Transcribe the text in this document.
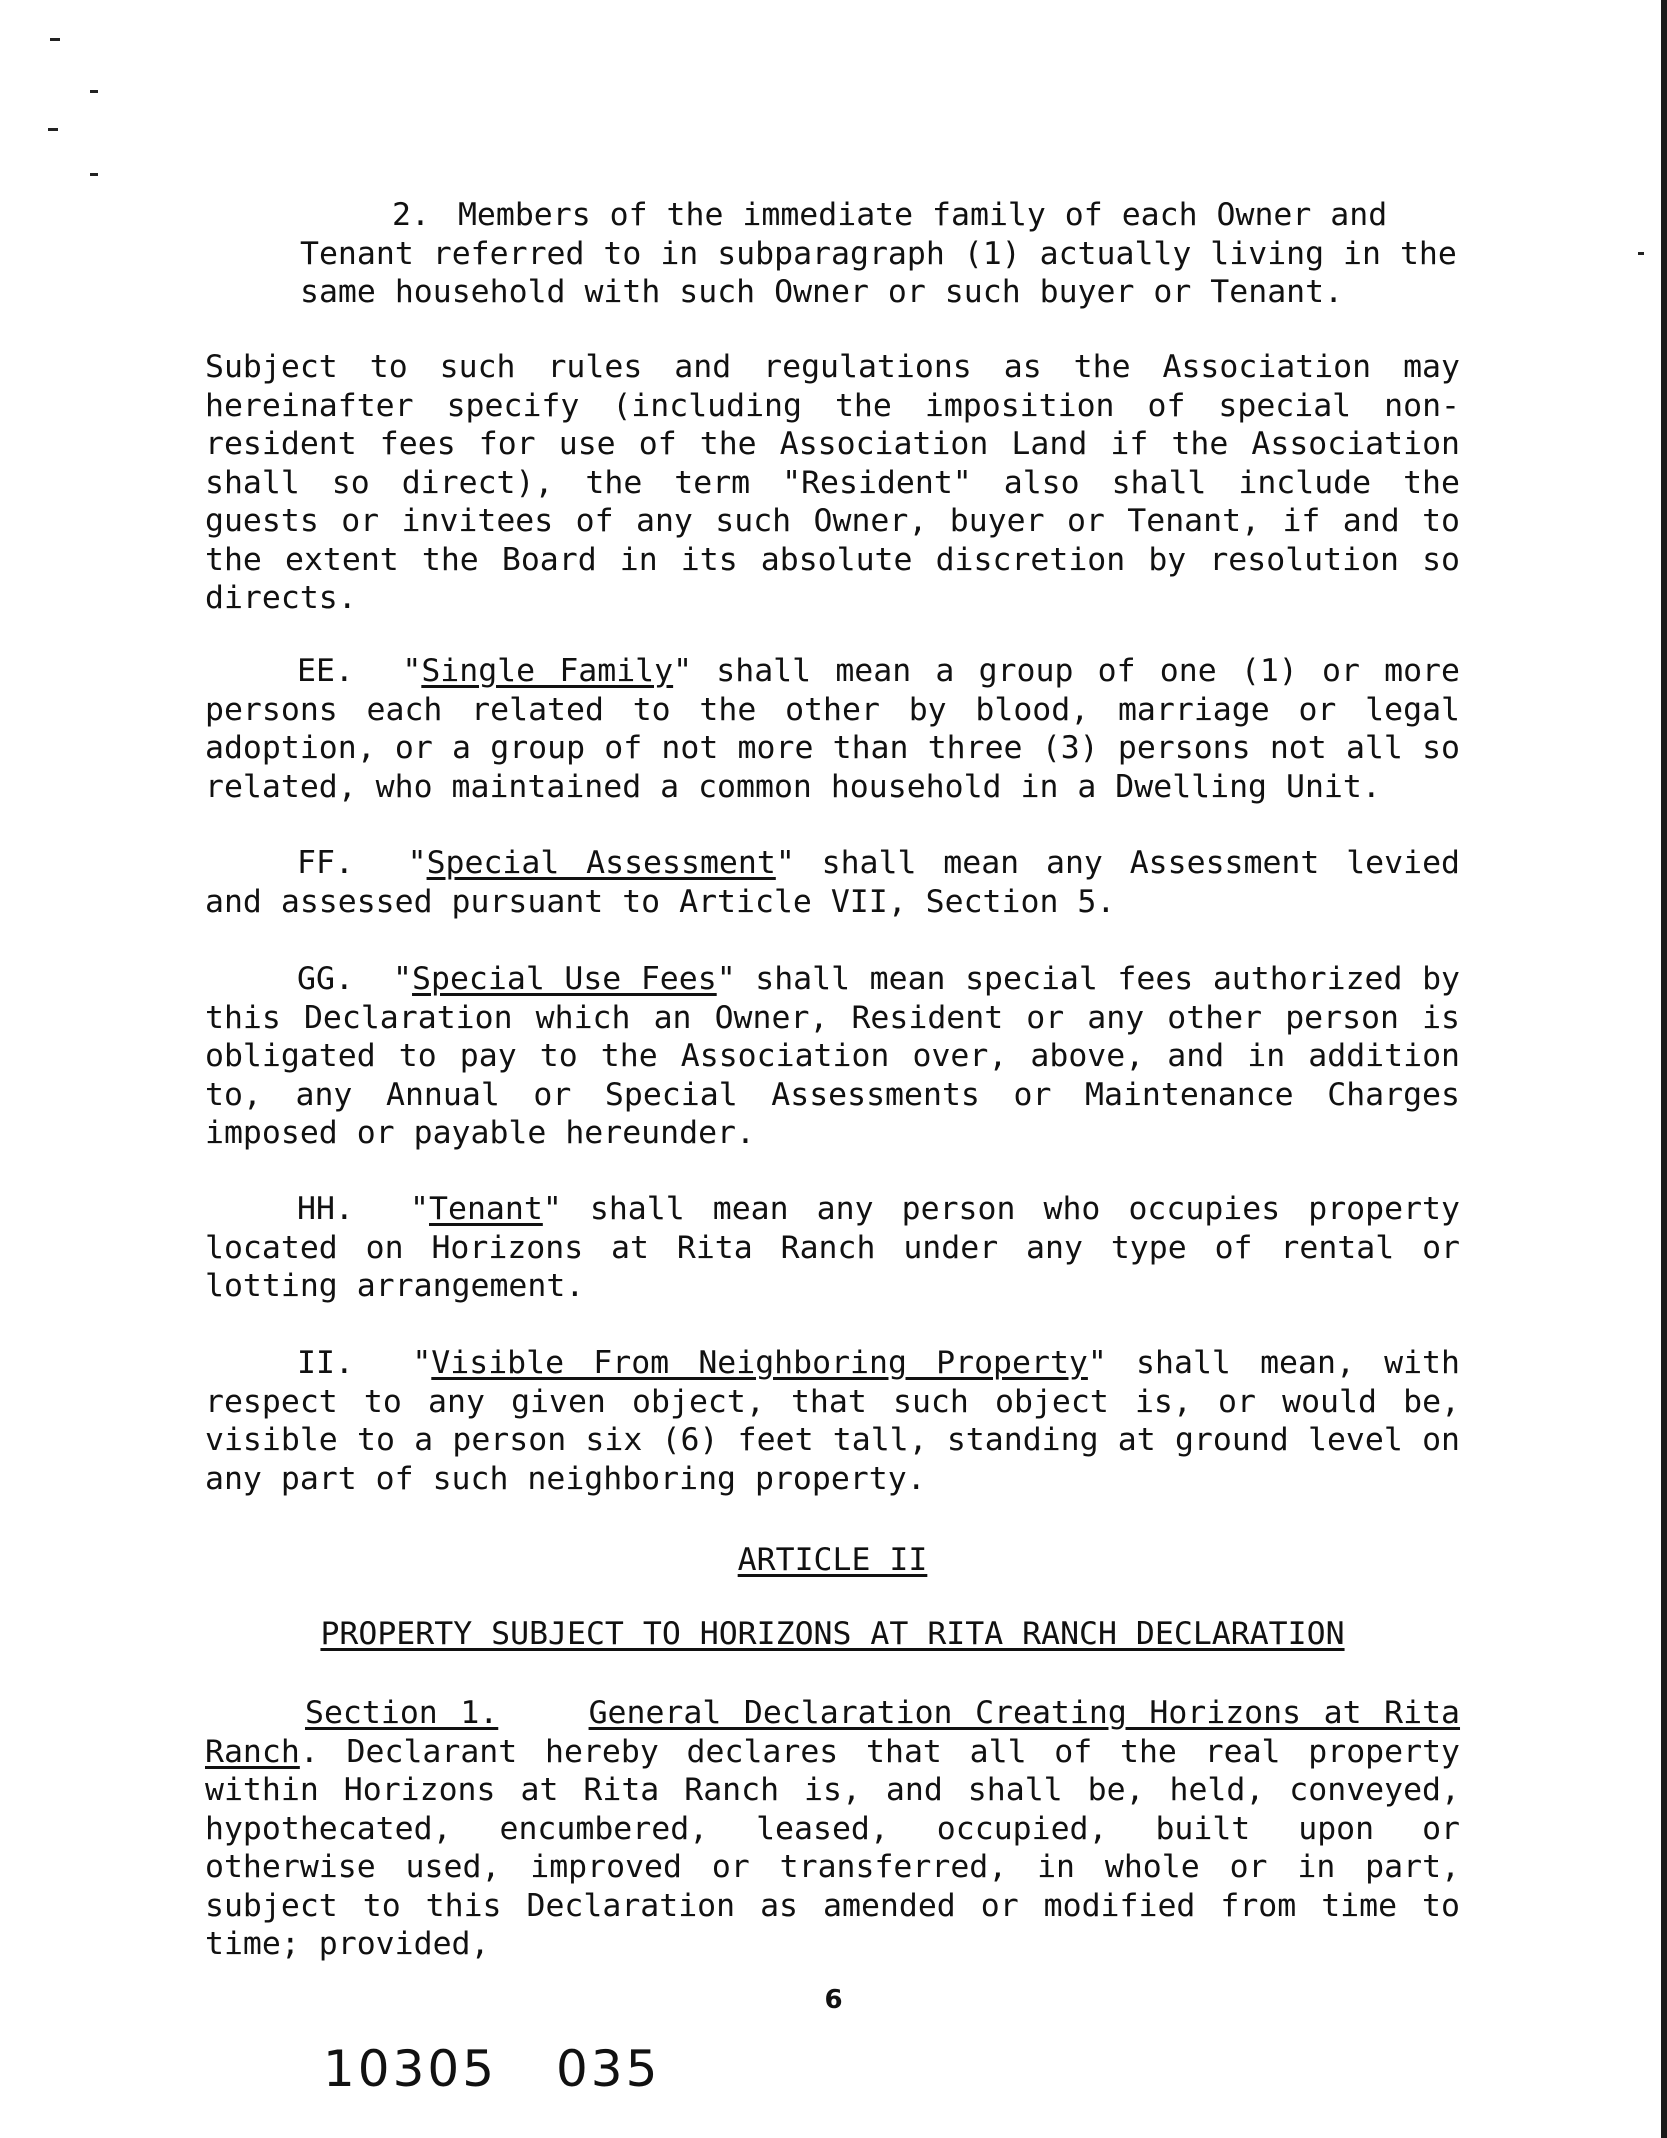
2. Members of the immediate family of each Owner and Tenant referred to in subparagraph (1) actually living in the same household with such Owner or such buyer or Tenant.

Subject to such rules and regulations as the Association may hereinafter specify (including the imposition of special non-resident fees for use of the Association Land if the Association shall so direct), the term "Resident" also shall include the guests or invitees of any such Owner, buyer or Tenant, if and to the extent the Board in its absolute discretion by resolution so directs.

EE.  "Single Family" shall mean a group of one (1) or more persons each related to the other by blood, marriage or legal adoption, or a group of not more than three (3) persons not all so related, who maintained a common household in a Dwelling Unit.

FF.  "Special Assessment" shall mean any Assessment levied and assessed pursuant to Article VII, Section 5.

GG.  "Special Use Fees" shall mean special fees authorized by this Declaration which an Owner, Resident or any other person is obligated to pay to the Association over, above, and in addition to, any Annual or Special Assessments or Maintenance Charges imposed or payable hereunder.

HH.  "Tenant" shall mean any person who occupies property located on Horizons at Rita Ranch under any type of rental or lotting arrangement.

II.  "Visible From Neighboring Property" shall mean, with respect to any given object, that such object is, or would be, visible to a person six (6) feet tall, standing at ground level on any part of such neighboring property.

ARTICLE II

PROPERTY SUBJECT TO HORIZONS AT RITA RANCH DECLARATION

Section 1.	General Declaration Creating Horizons at Rita Ranch. Declarant hereby declares that all of the real property within Horizons at Rita Ranch is, and shall be, held, conveyed, hypothecated, encumbered, leased, occupied, built upon or otherwise used, improved or transferred, in whole or in part, subject to this Declaration as amended or modified from time to time; provided,

6
10305 035
